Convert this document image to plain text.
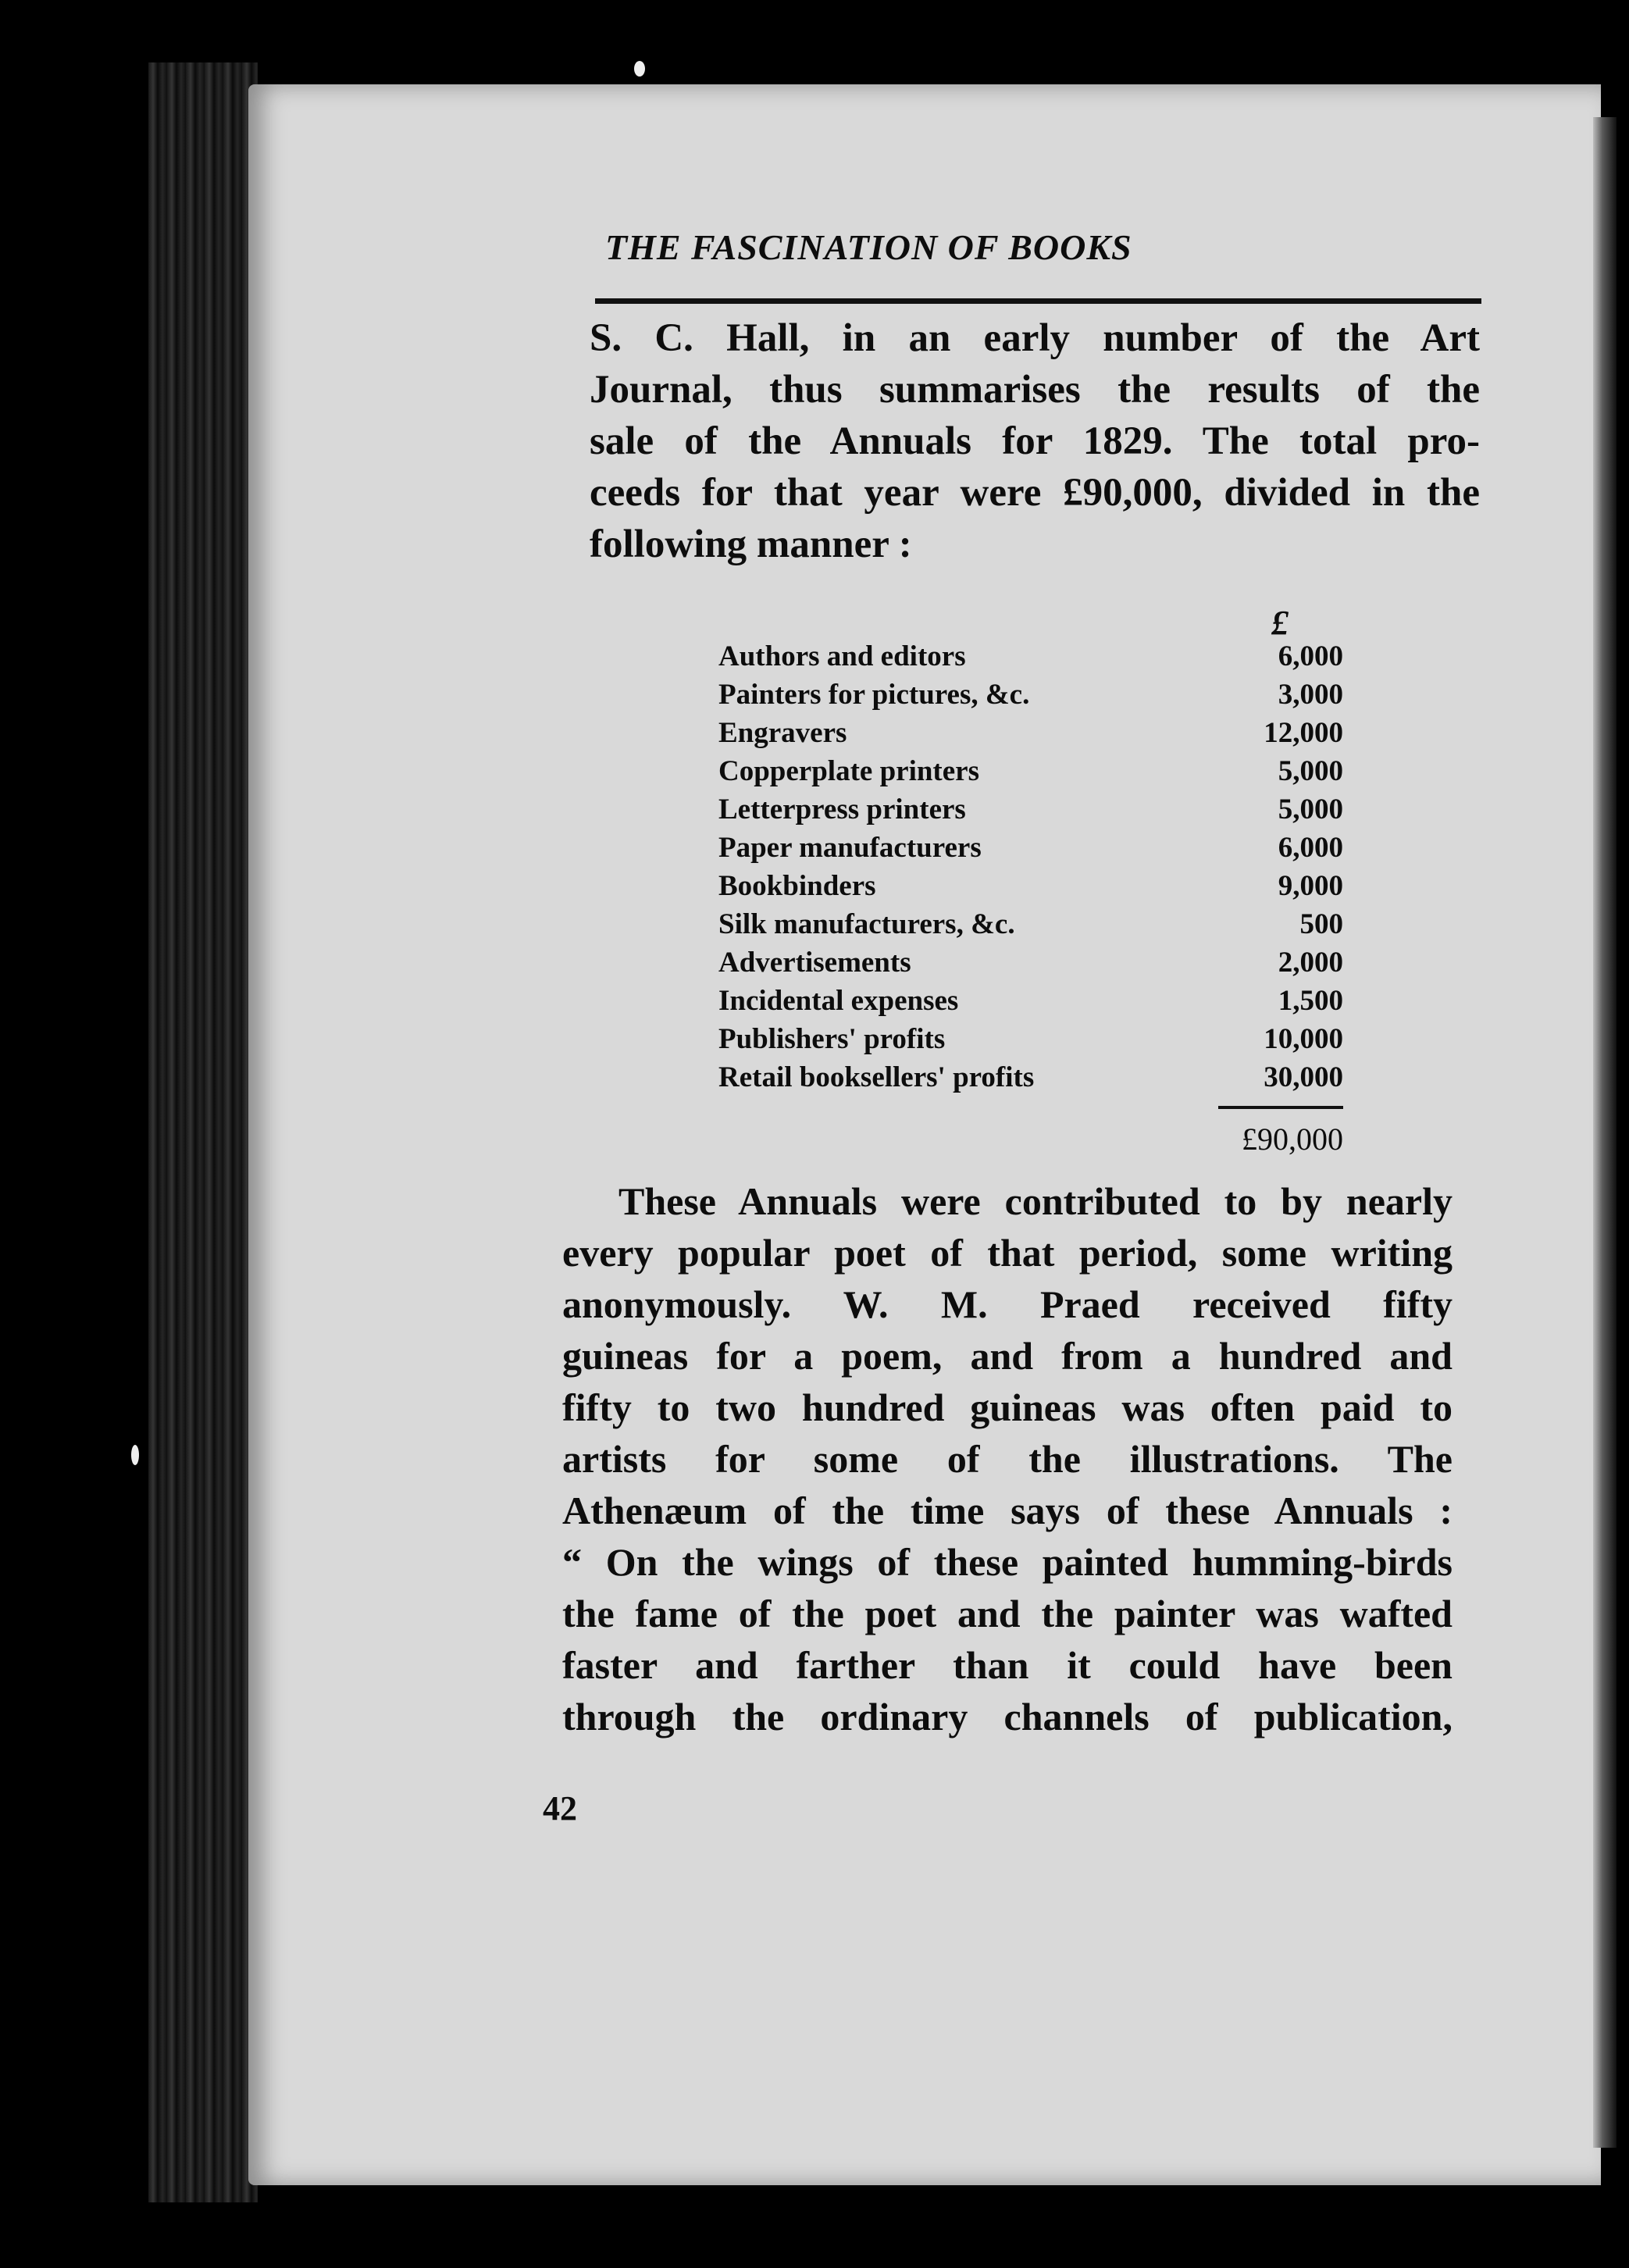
THE FASCINATION OF BOOKS
S. C. Hall, in an early number of the Art
Journal, thus summarises the results of the
sale of the Annuals for 1829. The total pro-
ceeds for that year were £90,000, divided in the
following manner :
£
Authors and editors	6,000
Painters for pictures, &c.	3,000
Engravers	12,000
Copperplate printers	5,000
Letterpress printers	5,000
Paper manufacturers	6,000
Bookbinders	9,000
Silk manufacturers, &c.	500
Advertisements	2,000
Incidental expenses	1,500
Publishers' profits	10,000
Retail booksellers' profits	30,000
£90,000
These Annuals were contributed to by nearly
every popular poet of that period, some writing
anonymously. W. M. Praed received fifty
guineas for a poem, and from a hundred and
fifty to two hundred guineas was often paid to
artists for some of the illustrations. The
Athenæum of the time says of these Annuals :
“ On the wings of these painted humming-birds
the fame of the poet and the painter was wafted
faster and farther than it could have been
through the ordinary channels of publication,
42
